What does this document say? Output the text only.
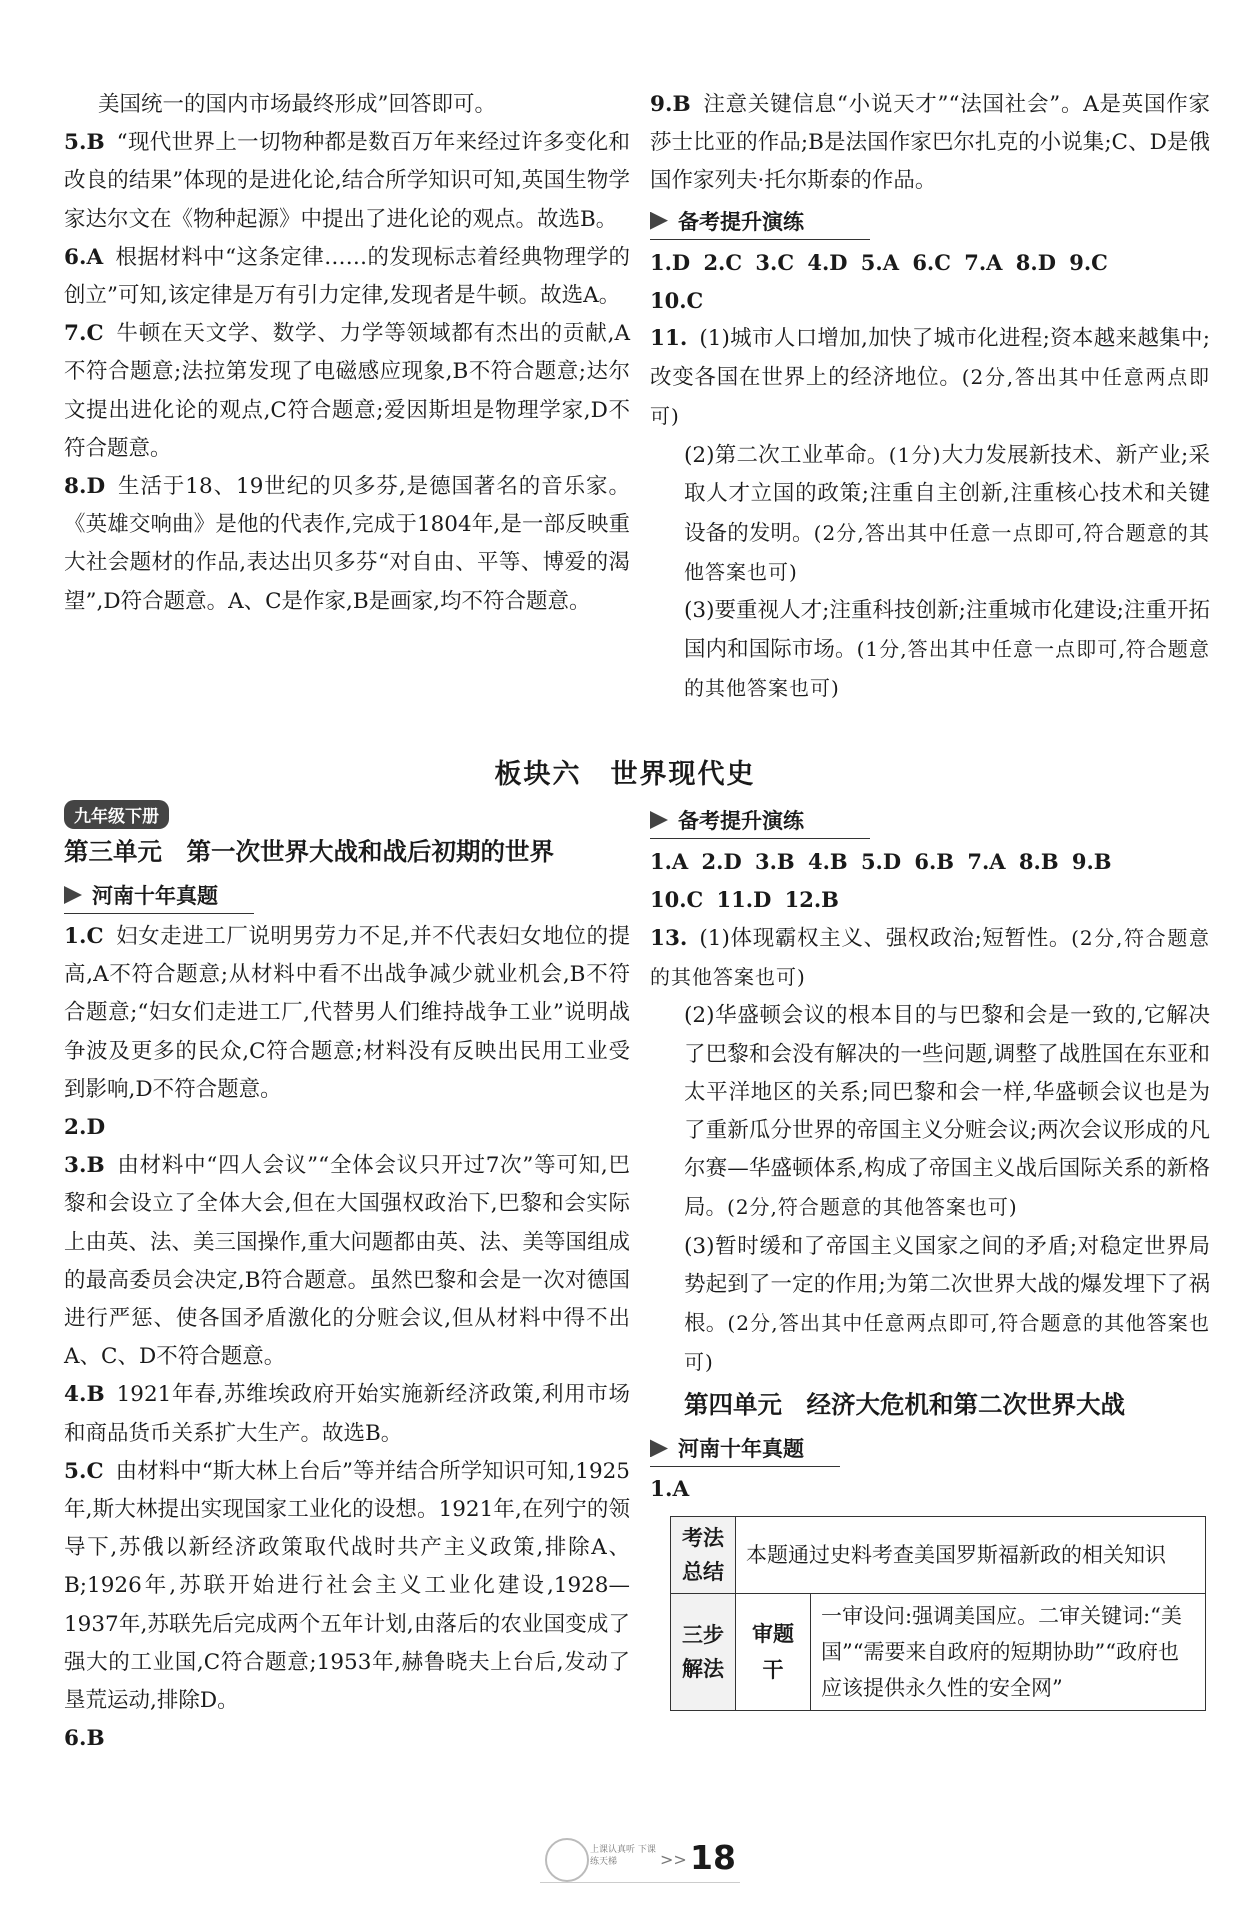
美国统一的国内市场最终形成”回答即可。

5.B “现代世界上一切物种都是数百万年来经过许多变化和改良的结果”体现的是进化论,结合所学知识可知,英国生物学家达尔文在《物种起源》中提出了进化论的观点。故选B。

6.A 根据材料中“这条定律……的发现标志着经典物理学的创立”可知,该定律是万有引力定律,发现者是牛顿。故选A。

7.C 牛顿在天文学、数学、力学等领域都有杰出的贡献,A不符合题意;法拉第发现了电磁感应现象,B不符合题意;达尔文提出进化论的观点,C符合题意;爱因斯坦是物理学家,D不符合题意。

8.D 生活于18、19世纪的贝多芬,是德国著名的音乐家。《英雄交响曲》是他的代表作,完成于1804年,是一部反映重大社会题材的作品,表达出贝多芬“对自由、平等、博爱的渴望”,D符合题意。A、C是作家,B是画家,均不符合题意。

9.B 注意关键信息“小说天才”“法国社会”。A是英国作家莎士比亚的作品;B是法国作家巴尔扎克的小说集;C、D是俄国作家列夫·托尔斯泰的作品。

备考提升演练

1.D 2.C 3.C 4.D 5.A 6.C 7.A 8.D 9.C

10.C

11. (1)城市人口增加,加快了城市化进程;资本越来越集中;改变各国在世界上的经济地位。(2分,答出其中任意两点即可)

(2)第二次工业革命。(1分)大力发展新技术、新产业;采取人才立国的政策;注重自主创新,注重核心技术和关键设备的发明。(2分,答出其中任意一点即可,符合题意的其他答案也可)

(3)要重视人才;注重科技创新;注重城市化建设;注重开拓国内和国际市场。(1分,答出其中任意一点即可,符合题意的其他答案也可)

板块六　世界现代史
九年级下册
第三单元　第一次世界大战和战后初期的世界
河南十年真题

1.C 妇女走进工厂说明男劳力不足,并不代表妇女地位的提高,A不符合题意;从材料中看不出战争减少就业机会,B不符合题意;“妇女们走进工厂,代替男人们维持战争工业”说明战争波及更多的民众,C符合题意;材料没有反映出民用工业受到影响,D不符合题意。

2.D

3.B 由材料中“四人会议”“全体会议只开过7次”等可知,巴黎和会设立了全体大会,但在大国强权政治下,巴黎和会实际上由英、法、美三国操作,重大问题都由英、法、美等国组成的最高委员会决定,B符合题意。虽然巴黎和会是一次对德国进行严惩、使各国矛盾激化的分赃会议,但从材料中得不出A、C、D不符合题意。

4.B 1921年春,苏维埃政府开始实施新经济政策,利用市场和商品货币关系扩大生产。故选B。

5.C 由材料中“斯大林上台后”等并结合所学知识可知,1925年,斯大林提出实现国家工业化的设想。1921年,在列宁的领导下,苏俄以新经济政策取代战时共产主义政策,排除A、B;1926年,苏联开始进行社会主义工业化建设,1928—1937年,苏联先后完成两个五年计划,由落后的农业国变成了强大的工业国,C符合题意;1953年,赫鲁晓夫上台后,发动了垦荒运动,排除D。

6.B

备考提升演练

1.A 2.D 3.B 4.B 5.D 6.B 7.A 8.B 9.B

10.C 11.D 12.B

13. (1)体现霸权主义、强权政治;短暂性。(2分,符合题意的其他答案也可)

(2)华盛顿会议的根本目的与巴黎和会是一致的,它解决了巴黎和会没有解决的一些问题,调整了战胜国在东亚和太平洋地区的关系;同巴黎和会一样,华盛顿会议也是为了重新瓜分世界的帝国主义分赃会议;两次会议形成的凡尔赛—华盛顿体系,构成了帝国主义战后国际关系的新格局。(2分,符合题意的其他答案也可)

(3)暂时缓和了帝国主义国家之间的矛盾;对稳定世界局势起到了一定的作用;为第二次世界大战的爆发埋下了祸根。(2分,答出其中任意两点即可,符合题意的其他答案也可)

第四单元　经济大危机和第二次世界大战
河南十年真题

1.A

考法总结	本题通过史料考查美国罗斯福新政的相关知识	
三步解法	审题干	一审设问:强调美国应。二审关键词:“美国”“需要来自政府的短期协助”“政府也应该提供永久性的安全网”

上课认真听 下课练天梯	>> 18
